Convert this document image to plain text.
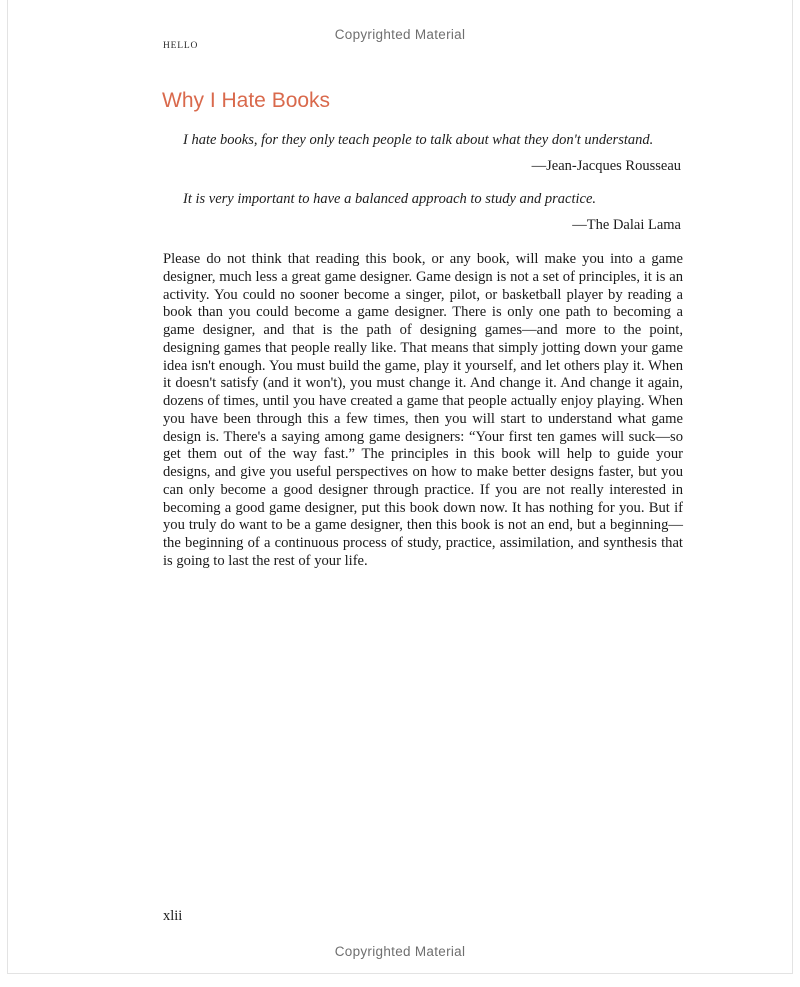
Copyrighted Material
HELLO
Why I Hate Books
I hate books, for they only teach people to talk about what they don't understand.
—Jean-Jacques Rousseau
It is very important to have a balanced approach to study and practice.
—The Dalai Lama
Please do not think that reading this book, or any book, will make you into a game designer, much less a great game designer. Game design is not a set of principles, it is an activity. You could no sooner become a singer, pilot, or basketball player by reading a book than you could become a game designer. There is only one path to becoming a game designer, and that is the path of designing games—and more to the point, designing games that people really like. That means that simply jotting down your game idea isn't enough. You must build the game, play it yourself, and let others play it. When it doesn't satisfy (and it won't), you must change it. And change it. And change it again, dozens of times, until you have created a game that people actually enjoy playing. When you have been through this a few times, then you will start to understand what game design is. There's a saying among game designers: “Your first ten games will suck—so get them out of the way fast.” The principles in this book will help to guide your designs, and give you useful perspectives on how to make better designs faster, but you can only become a good designer through practice. If you are not really interested in becoming a good game designer, put this book down now. It has nothing for you. But if you truly do want to be a game designer, then this book is not an end, but a beginning—the beginning of a continuous process of study, practice, assimilation, and synthesis that is going to last the rest of your life.
xlii
Copyrighted Material
